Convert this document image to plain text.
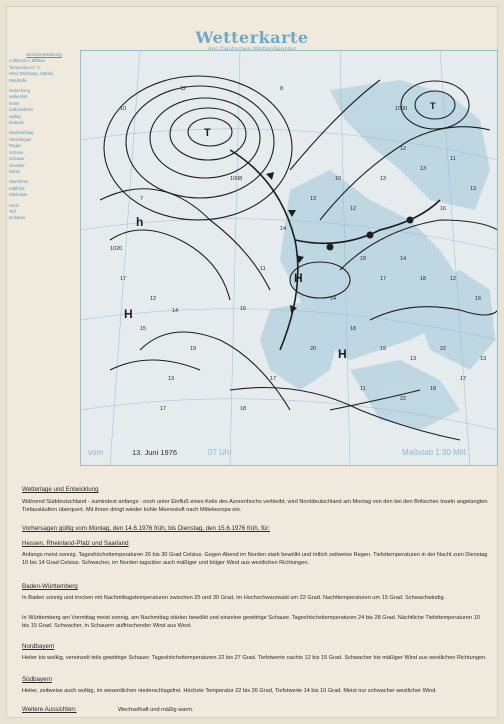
Wetterkarte
Zeichenerklärung
Luftdruck in Millibar
Temperatur in °C
Wind (Richtung, Stärke)
Windstille
Bedeckung
wolkenlos
heiter
halb bedeckt
wolkig
bedeckt
Niederschlag
Nieselregen
Regen
Schnee
Schauer
Gewitter
Nebel
Warmfront
Kaltfront
Okklusion
Hoch
Tief
Isobaren
12
14
15
17
19
13
16
11
14
13
10
12
13
12
13
11
13
16
18
17
14
18	12
16
14
18
20	19
13
22
11
22
18
17
13
7
10
12	8
18
17
17
1008
1020
1000
T
h
H
H
H
T
vom	13. Juni 1976	07 Uhr	Maßstab 1:30 Mill.
Wetterlage und Entwicklung
Während Süddeutschland - zumindest anfangs - noch unter Einfluß eines Keils des Azorenhochs verbleibt, wird Norddeutschland am Montag von den bei den Britischen Inseln angelangten Tiefausläufern überquert. Mit ihnen dringt wieder kühle Meeresluft nach Mitteleuropa ein.
Vorhersagen gültig vom Montag, den 14.6.1976 früh, bis Dienstag, den 15.6.1976 früh, für:
Hessen, Rheinland-Pfalz und Saarland
Anfangs meist sonnig. Tageshöchsttemperaturen 26 bis 30 Grad Celsius. Gegen Abend im Norden stark bewölkt und örtlich zeitweise Regen. Tiefsttemperaturen in der Nacht zum Dienstag 10 bis 14 Grad Celsius. Schwacher, im Norden tagsüber auch mäßiger und böiger Wind aus westlichen Richtungen.
Baden-Württemberg
In Baden sonnig und trocken mit Nachmittagstemperaturen zwischen 25 und 30 Grad, im Hochschwarzwald um 22 Grad. Nachttemperaturen um 15 Grad. Schwachwindig.
In Württemberg am Vormittag meist sonnig, am Nachmittag stärker bewölkt und einzelne gewittrige Schauer. Tageshöchsttemperaturen 24 bis 28 Grad. Nächtliche Tiefsttemperaturen 10 bis 15 Grad. Schwacher, in Schauern auffrischender Wind aus West.
Nordbayern
Heiter bis wolkig, vereinzelt teils gewittrige Schauer. Tageshöchsttemperaturen 22 bis 27 Grad. Tiefstwerte nachts 12 bis 15 Grad. Schwacher bis mäßiger Wind aus westlichen Richtungen.
Südbayern
Heiter, zeitweise auch wolkig, im wesentlichen niederschlagsfrei. Höchste Temperatur 22 bis 26 Grad, Tiefstwerte 14 bis 10 Grad. Meist nur schwacher westlicher Wind.
Weitere Aussichten:	Wechselhaft und mäßig warm.
